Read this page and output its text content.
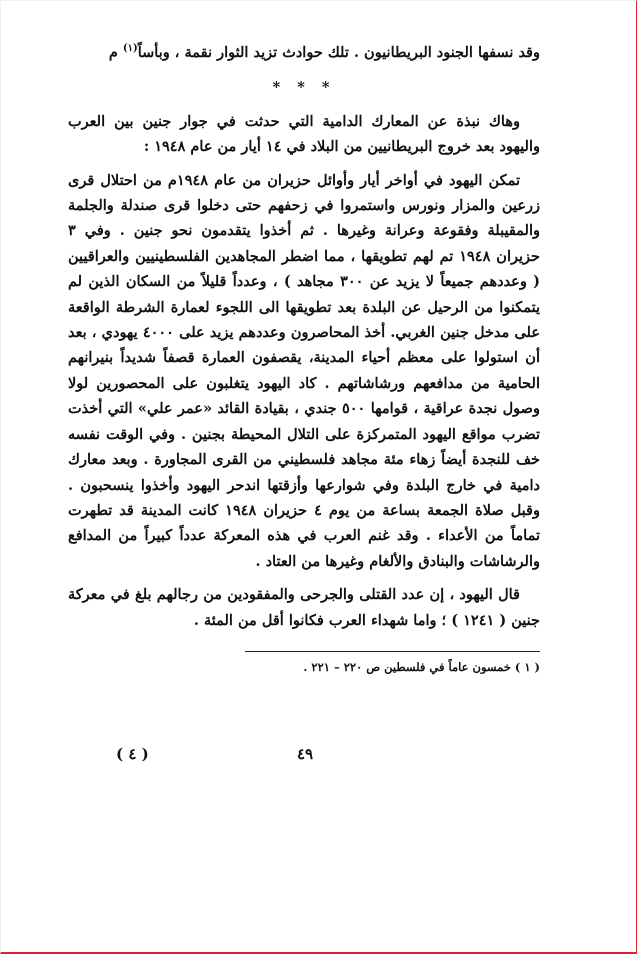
وقد نسفها الجنود البريطانيون . تلك حوادث تزيد الثوار نقمة ، وبأساً$^{(١)}$ م

* * *

وهاك نبذة عن المعارك الدامية التي حدثت في جوار جنين بين العرب واليهود بعد خروج البريطانيين من البلاد في ١٤ أيار من عام ١٩٤٨ :

تمكن اليهود في أواخر أيار وأوائل حزيران من عام ١٩٤٨م من احتلال قرى زرعين والمزار ونورس واستمروا في زحفهم حتى دخلوا قرى صندلة والجلمة والمقيبلة وفقوعة وعرانة وغيرها . ثم أخذوا يتقدمون نحو جنين . وفي ٣ حزيران ١٩٤٨ تم لهم تطويقها ، مما اضطر المجاهدين الفلسطينيين والعراقيين ( وعددهم جميعاً لا يزيد عن ٣٠٠ مجاهد ) ، وعدداً قليلاً من السكان الذين لم يتمكنوا من الرحيل عن البلدة بعد تطويقها الى اللجوء لعمارة الشرطة الواقعة على مدخل جنين الغربي. أخذ المحاصرون وعددهم يزيد على ٤٠٠٠ يهودي ، بعد أن استولوا على معظم أحياء المدينة، يقصفون العمارة قصفاً شديداً بنيرانهم الحامية من مدافعهم ورشاشاتهم . كاد اليهود يتغلبون على المحصورين لولا وصول نجدة عراقية ، قوامها ٥٠٠ جندي ، بقيادة القائد «عمر علي» التي أخذت تضرب مواقع اليهود المتمركزة على التلال المحيطة بجنين . وفي الوقت نفسه خف للنجدة أيضاً زهاء مئة مجاهد فلسطيني من القرى المجاورة . وبعد معارك دامية في خارج البلدة وفي شوارعها وأزقتها اندحر اليهود وأخذوا ينسحبون . وقبل صلاة الجمعة بساعة من يوم ٤ حزيران ١٩٤٨ كانت المدينة قد تطهرت تماماً من الأعداء . وقد غنم العرب في هذه المعركة عدداً كبيراً من المدافع والرشاشات والبنادق والألغام وغيرها من العتاد .

قال اليهود ، إن عدد القتلى والجرحى والمفقودين من رجالهم بلغ في معركة جنين ( ١٢٤١ ) ؛ واما شهداء العرب فكانوا أقل من المئة .

( ١ ) خمسون عاماً في فلسطين ص ٢٢٠ – ٢٢١ .

( ٤ )	٤٩
